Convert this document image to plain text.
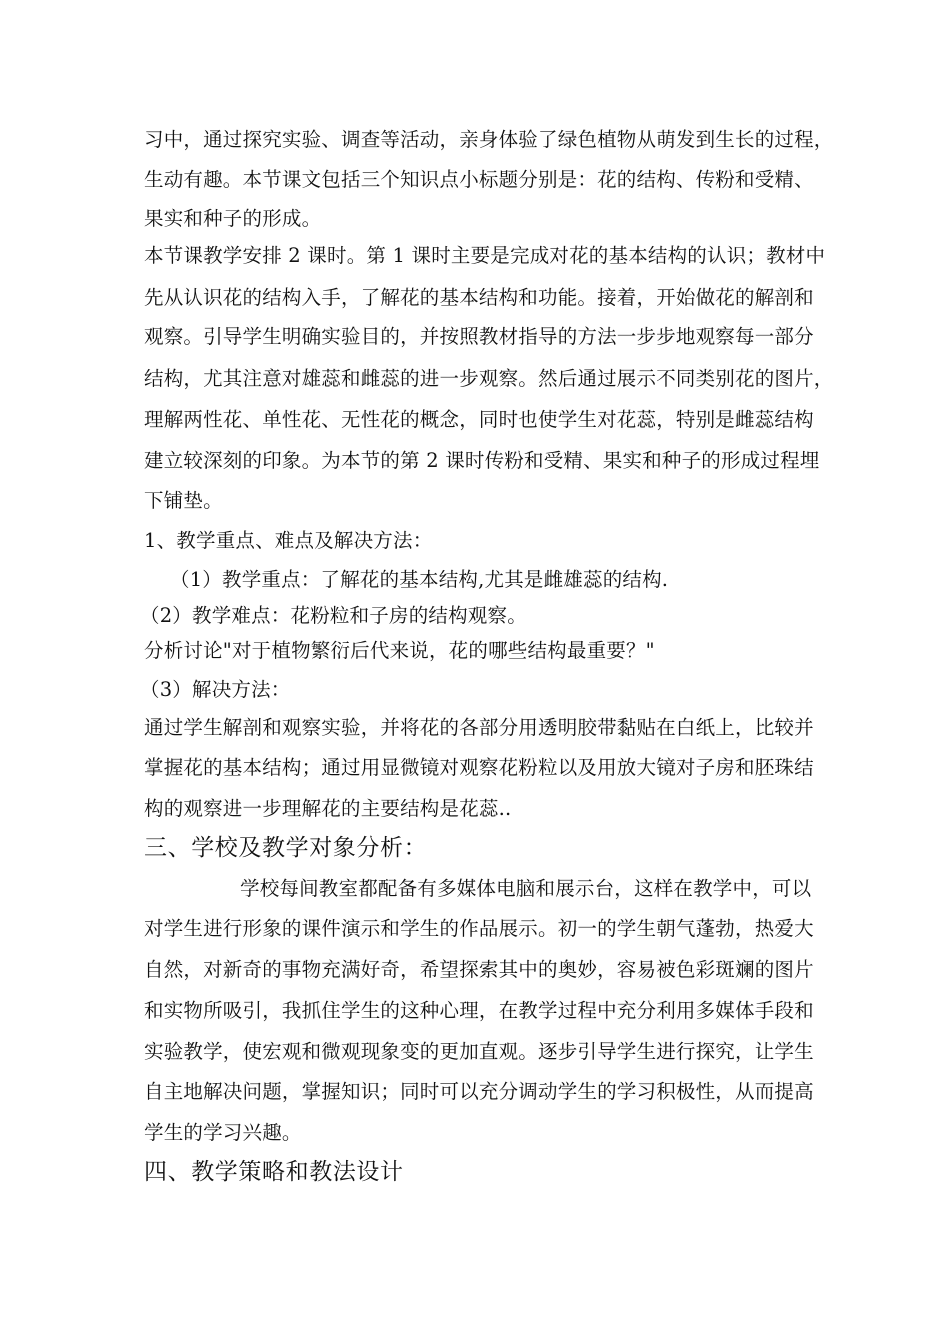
习中，通过探究实验、调查等活动，亲身体验了绿色植物从萌发到生长的过程，
生动有趣。本节课文包括三个知识点小标题分别是：花的结构、传粉和受精、
果实和种子的形成。
本节课教学安排 2 课时。第 1 课时主要是完成对花的基本结构的认识；教材中
先从认识花的结构入手，了解花的基本结构和功能。接着，开始做花的解剖和
观察。引导学生明确实验目的，并按照教材指导的方法一步步地观察每一部分
结构，尤其注意对雄蕊和雌蕊的进一步观察。然后通过展示不同类别花的图片，
理解两性花、单性花、无性花的概念，同时也使学生对花蕊，特别是雌蕊结构
建立较深刻的印象。为本节的第 2 课时传粉和受精、果实和种子的形成过程埋
下铺垫。
1、教学重点、难点及解决方法：
（1）教学重点：了解花的基本结构,尤其是雌雄蕊的结构.
（2）教学难点：花粉粒和子房的结构观察。
分析讨论"对于植物繁衍后代来说，花的哪些结构最重要？"
（3）解决方法：
通过学生解剖和观察实验，并将花的各部分用透明胶带黏贴在白纸上，比较并
掌握花的基本结构；通过用显微镜对观察花粉粒以及用放大镜对子房和胚珠结
构的观察进一步理解花的主要结构是花蕊..
三、学校及教学对象分析：
学校每间教室都配备有多媒体电脑和展示台，这样在教学中，可以
对学生进行形象的课件演示和学生的作品展示。初一的学生朝气蓬勃，热爱大
自然，对新奇的事物充满好奇，希望探索其中的奥妙，容易被色彩斑斓的图片
和实物所吸引，我抓住学生的这种心理，在教学过程中充分利用多媒体手段和
实验教学，使宏观和微观现象变的更加直观。逐步引导学生进行探究，让学生
自主地解决问题，掌握知识；同时可以充分调动学生的学习积极性，从而提高
学生的学习兴趣。
四、教学策略和教法设计
